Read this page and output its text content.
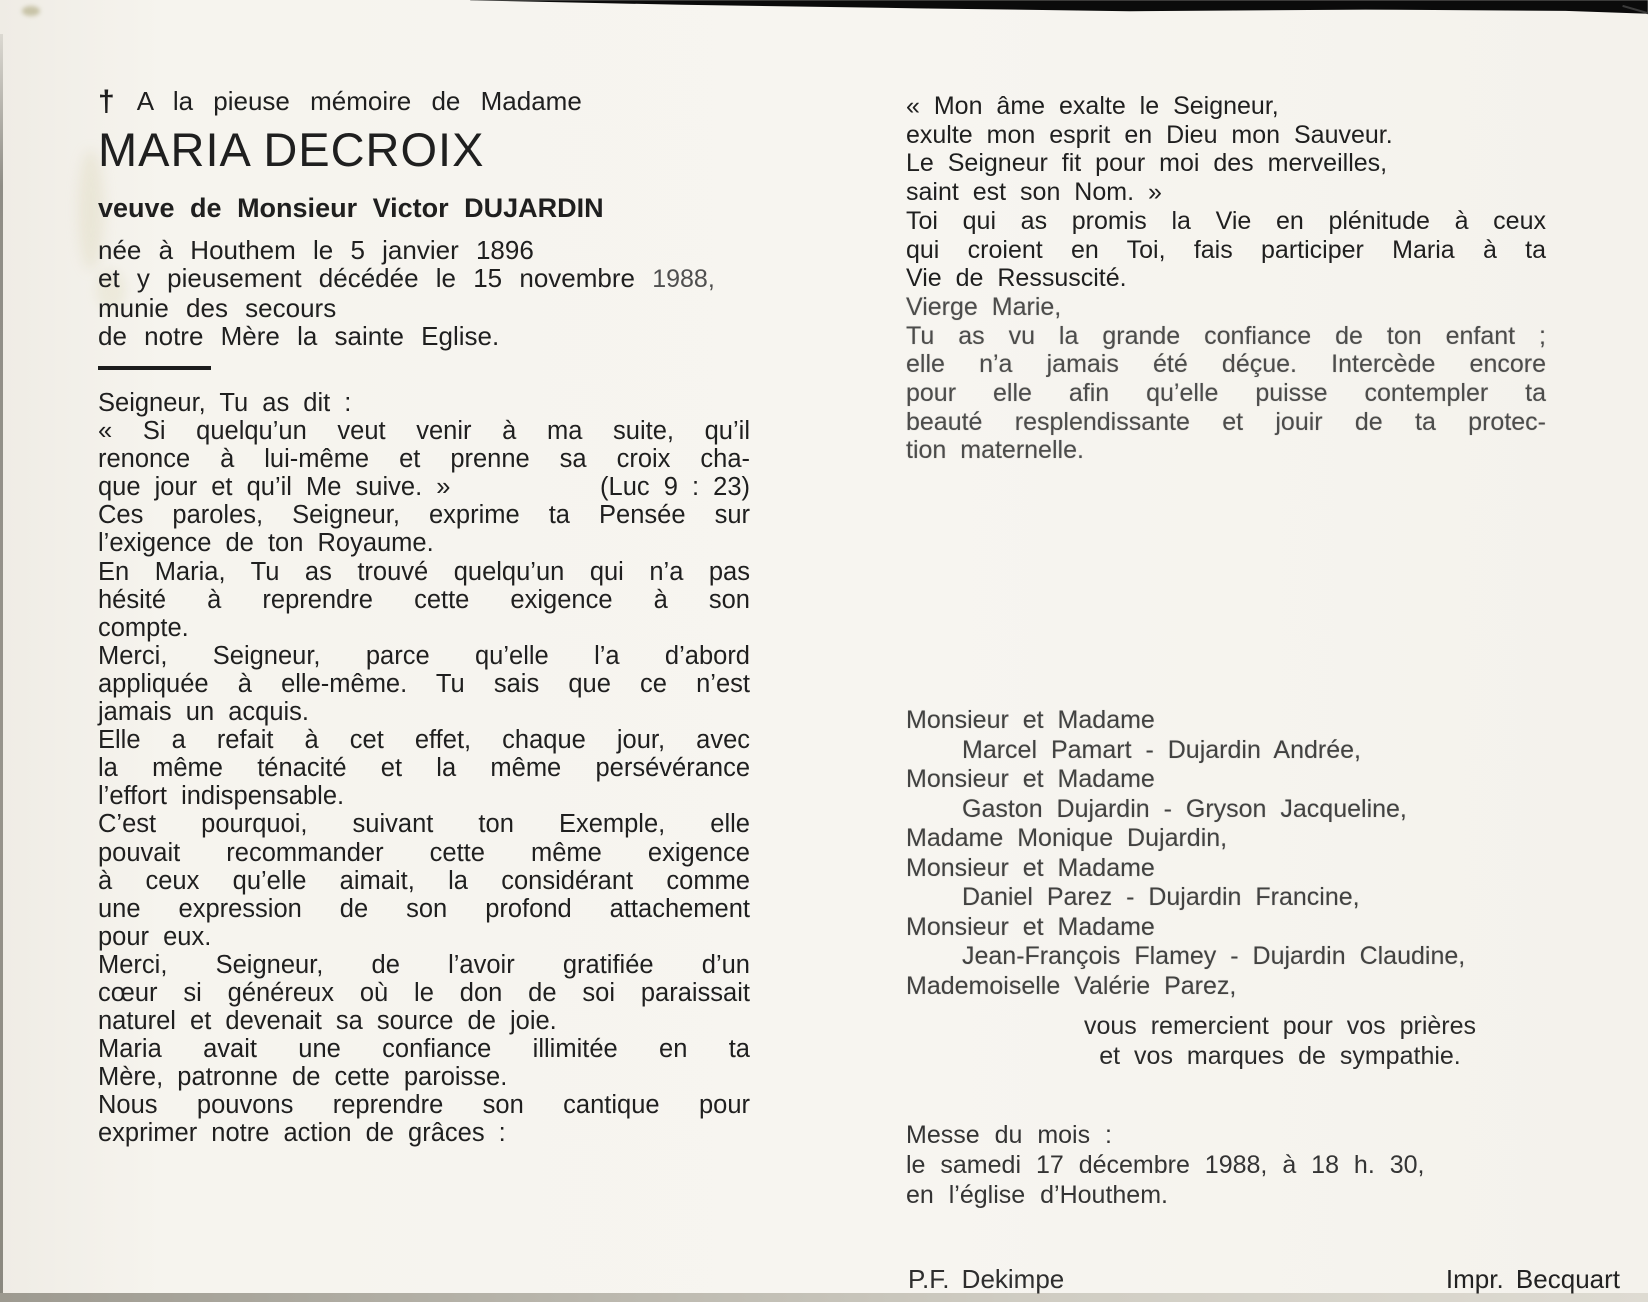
† A la pieuse mémoire de Madame
MARIA DECROIX
veuve de Monsieur Victor DUJARDIN
née à Houthem le 5 janvier 1896
et y pieusement décédée le 15 novembre 1988,
munie des secours
de notre Mère la sainte Eglise.
Seigneur, Tu as dit :
« Si quelqu’un veut venir à ma suite, qu’il
renonce à lui-même et prenne sa croix cha-
que jour et qu’il Me suive. »	(Luc 9 : 23)
Ces paroles, Seigneur, exprime ta Pensée sur
l’exigence de ton Royaume.
En Maria, Tu as trouvé quelqu’un qui n’a pas
hésité à reprendre cette exigence à son
compte.
Merci, Seigneur, parce qu’elle l’a d’abord
appliquée à elle-même. Tu sais que ce n’est
jamais un acquis.
Elle a refait à cet effet, chaque jour, avec
la même ténacité et la même persévérance
l’effort indispensable.
C’est pourquoi, suivant ton Exemple, elle
pouvait recommander cette même exigence
à ceux qu’elle aimait, la considérant comme
une expression de son profond attachement
pour eux.
Merci, Seigneur, de l’avoir gratifiée d’un
cœur si généreux où le don de soi paraissait
naturel et devenait sa source de joie.
Maria avait une confiance illimitée en ta
Mère, patronne de cette paroisse.
Nous pouvons reprendre son cantique pour
exprimer notre action de grâces :
« Mon âme exalte le Seigneur,
exulte mon esprit en Dieu mon Sauveur.
Le Seigneur fit pour moi des merveilles,
saint est son Nom. »
Toi qui as promis la Vie en plénitude à ceux
qui croient en Toi, fais participer Maria à ta
Vie de Ressuscité.
Vierge Marie,
Tu as vu la grande confiance de ton enfant ;
elle n’a jamais été déçue. Intercède encore
pour elle afin qu’elle puisse contempler ta
beauté resplendissante et jouir de ta protec-
tion maternelle.
Monsieur et Madame
Marcel Pamart - Dujardin Andrée,
Monsieur et Madame
Gaston Dujardin - Gryson Jacqueline,
Madame Monique Dujardin,
Monsieur et Madame
Daniel Parez - Dujardin Francine,
Monsieur et Madame
Jean-François Flamey - Dujardin Claudine,
Mademoiselle Valérie Parez,
vous remercient pour vos prières
et vos marques de sympathie.
Messe du mois :
le samedi 17 décembre 1988, à 18 h. 30,
en l’église d’Houthem.
P.F. Dekimpe	Impr. Becquart
